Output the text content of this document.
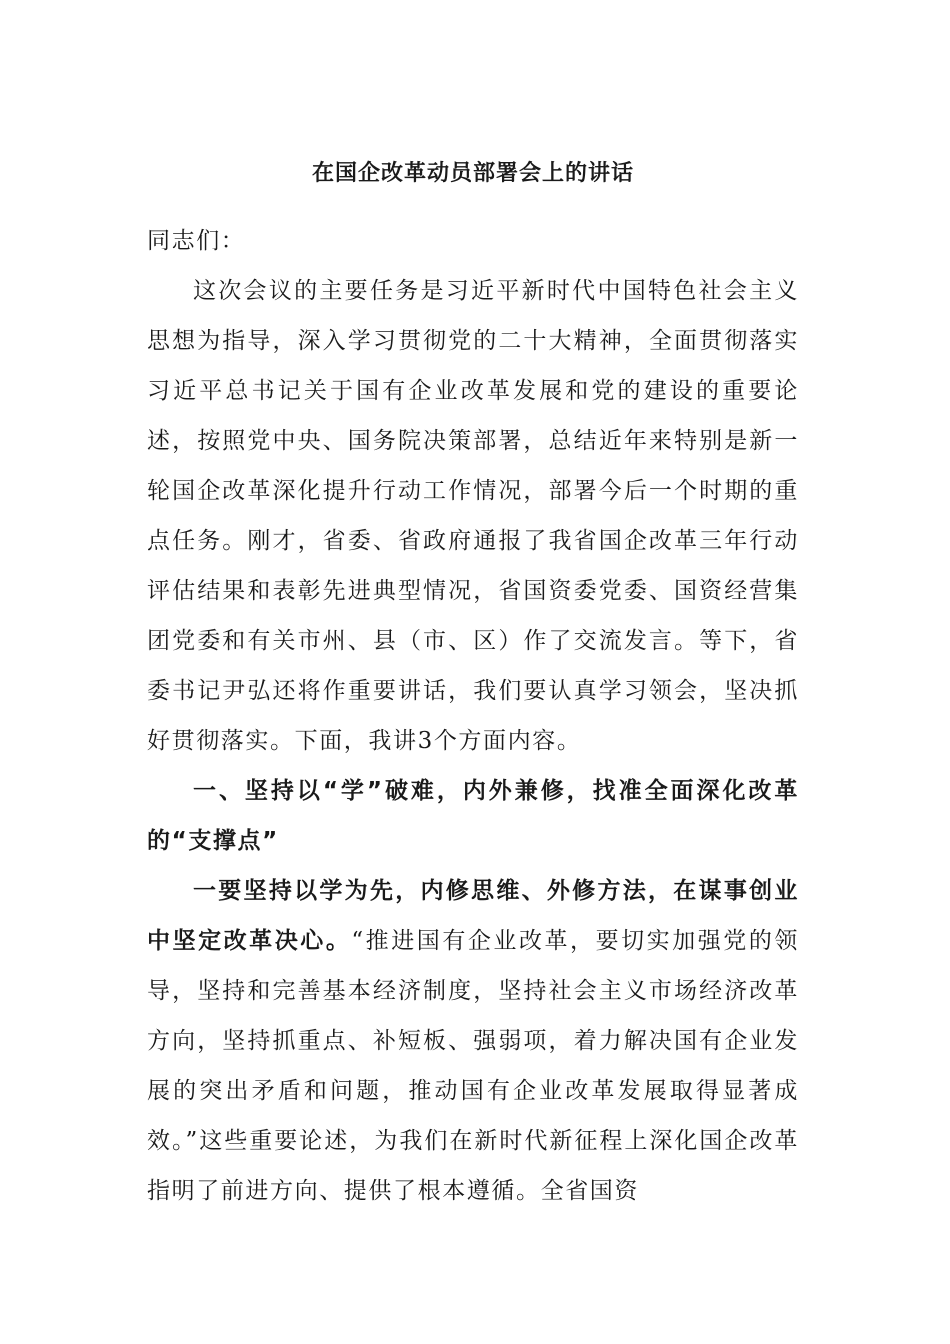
在国企改革动员部署会上的讲话

同志们：

这次会议的主要任务是习近平新时代中国特色社会主义思想为指导，深入学习贯彻党的二十大精神，全面贯彻落实习近平总书记关于国有企业改革发展和党的建设的重要论述，按照党中央、国务院决策部署，总结近年来特别是新一轮国企改革深化提升行动工作情况，部署今后一个时期的重点任务。刚才，省委、省政府通报了我省国企改革三年行动评估结果和表彰先进典型情况，省国资委党委、国资经营集团党委和有关市州、县（市、区）作了交流发言。等下，省委书记尹弘还将作重要讲话，我们要认真学习领会，坚决抓好贯彻落实。下面，我讲3个方面内容。

一、坚持以“学”破难，内外兼修，找准全面深化改革的“支撑点”

一要坚持以学为先，内修思维、外修方法，在谋事创业中坚定改革决心。“推进国有企业改革，要切实加强党的领导，坚持和完善基本经济制度，坚持社会主义市场经济改革方向，坚持抓重点、补短板、强弱项，着力解决国有企业发展的突出矛盾和问题，推动国有企业改革发展取得显著成效。”这些重要论述，为我们在新时代新征程上深化国企改革指明了前进方向、提供了根本遵循。全省国资
